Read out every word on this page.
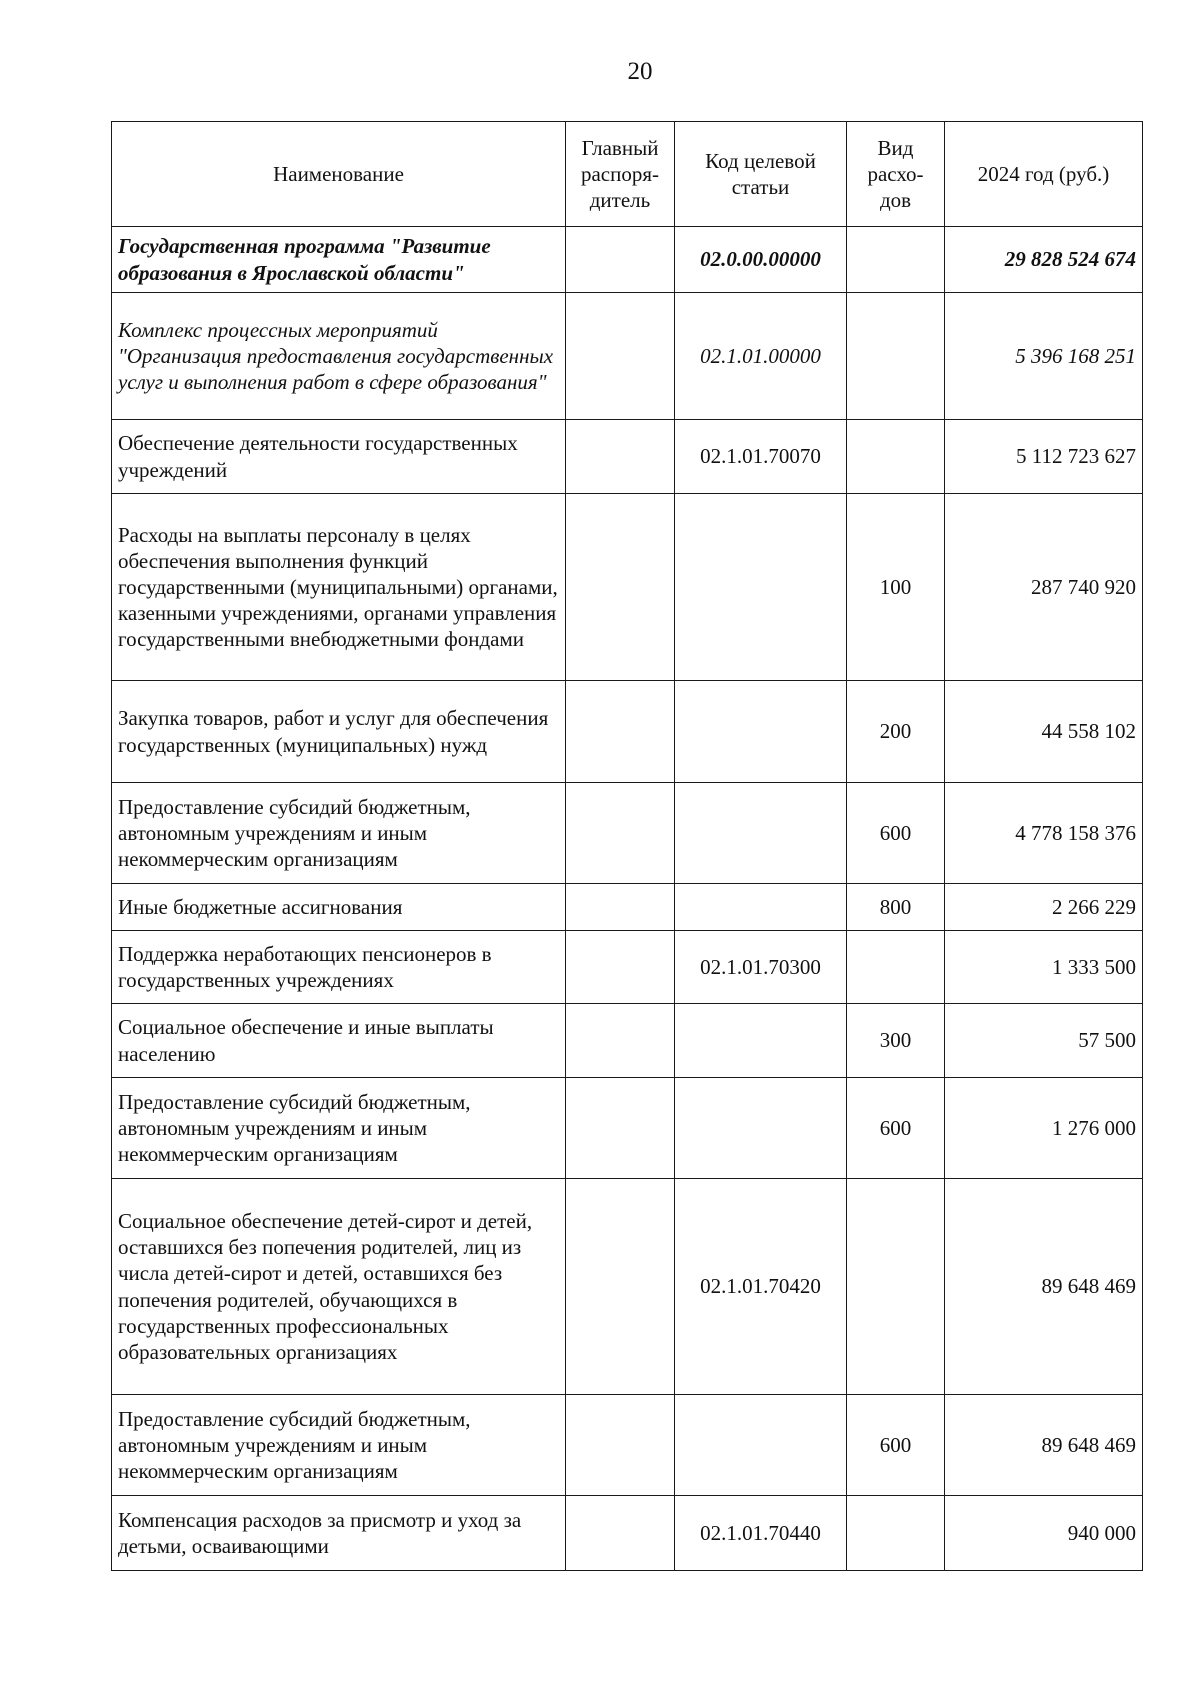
20
Наименование	Главный распоря-дитель	Код целевой статьи	Вид расхо-дов	2024 год (руб.)
Государственная программа "Развитие образования в Ярославской области"		02.0.00.00000		29 828 524 674
Комплекс процессных мероприятий "Организация предоставления государственных услуг и выполнения работ в сфере образования"		02.1.01.00000		5 396 168 251
Обеспечение деятельности государственных учреждений		02.1.01.70070		5 112 723 627
Расходы на выплаты персоналу в целях обеспечения выполнения функций государственными (муниципальными) органами, казенными учреждениями, органами управления государственными внебюджетными фондами			100	287 740 920
Закупка товаров, работ и услуг для обеспечения государственных (муниципальных) нужд			200	44 558 102
Предоставление субсидий бюджетным, автономным учреждениям и иным некоммерческим организациям			600	4 778 158 376
Иные бюджетные ассигнования			800	2 266 229
Поддержка неработающих пенсионеров в государственных учреждениях		02.1.01.70300		1 333 500
Социальное обеспечение и иные выплаты населению			300	57 500
Предоставление субсидий бюджетным, автономным учреждениям и иным некоммерческим организациям			600	1 276 000
Социальное обеспечение детей-сирот и детей, оставшихся без попечения родителей, лиц из числа детей-сирот и детей, оставшихся без попечения родителей, обучающихся в государственных профессиональных образовательных организациях		02.1.01.70420		89 648 469
Предоставление субсидий бюджетным, автономным учреждениям и иным некоммерческим организациям			600	89 648 469
Компенсация расходов за присмотр и уход за детьми, осваивающими		02.1.01.70440		940 000
